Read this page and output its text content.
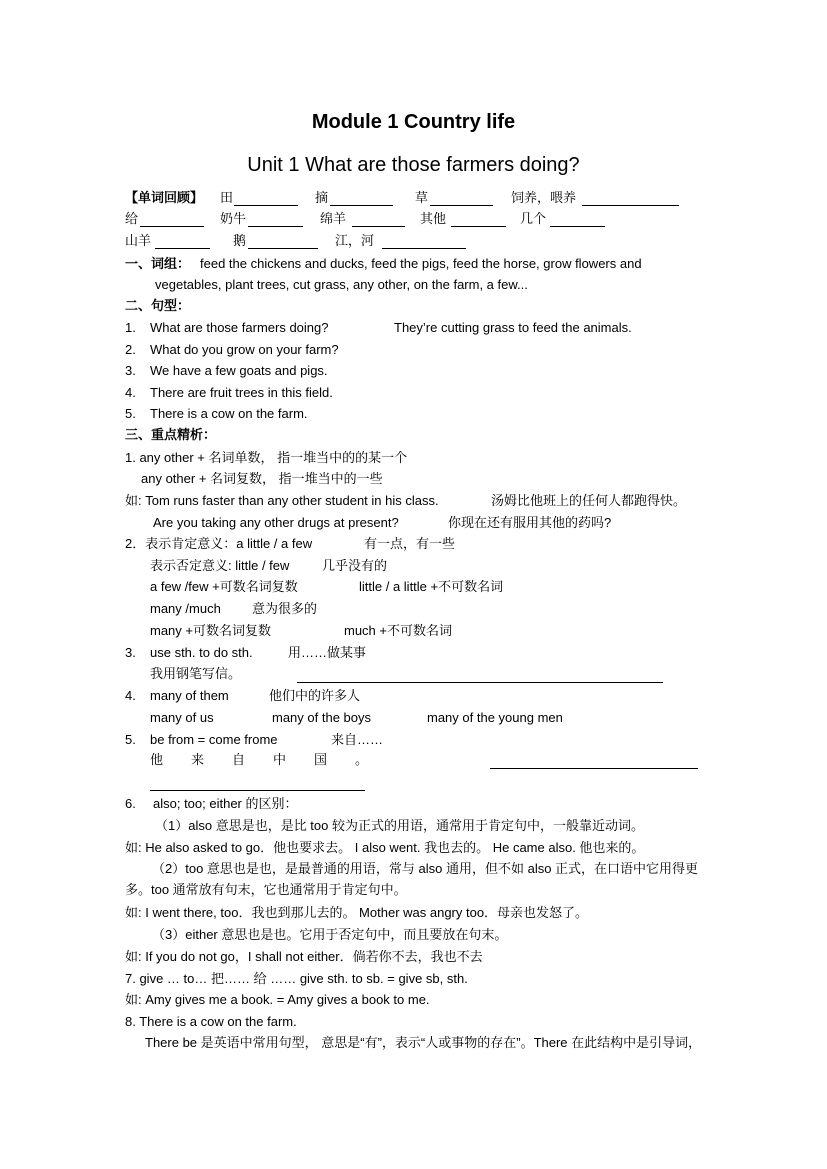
Module 1 Country life
Unit 1 What are those farmers doing?
【单词回顾】 田	摘	草	饲养，喂养
给	奶牛	绵羊	其他	几个
山羊	鹅	江，河
一、词组： feed the chickens and ducks, feed the pigs, feed the horse, grow flowers and
vegetables, plant trees, cut grass, any other, on the farm, a few...
二、句型：
1. What are those farmers doing?	They’re cutting grass to feed the animals.
2. What do you grow on your farm?
3. We have a few goats and pigs.
4. There are fruit trees in this field.
5. There is a cow on the farm.
三、重点精析：
1. any other + 名词单数， 指一堆当中的的某一个
any other + 名词复数， 指一堆当中的一些
如: Tom runs faster than any other student in his class.	汤姆比他班上的任何人都跑得快。
Are you taking any other drugs at present?	你现在还有服用其他的药吗?
2．表示肯定意义：a little / a few	有一点，有一些
表示否定意义: little / few	几乎没有的
a few /few +可数名词复数	little / a little +不可数名词
many /much 意为很多的
many +可数名词复数	much +不可数名词
3. use sth. to do sth.	用……做某事
我用钢笔写信。
4. many of them	他们中的许多人
many of us	many of the boys	many of the young men
5. be from = come frome	来自……
他 来 自 中 国 。
6. also; too; either 的区别：
（1）also 意思是也，是比 too 较为正式的用语，通常用于肯定句中，一般靠近动词。
如: He also asked to go．他也要求去。 I also went. 我也去的。 He came also. 他也来的。
（2）too 意思也是也，是最普通的用语，常与 also 通用，但不如 also 正式，在口语中它用得更
多。too 通常放有句末，它也通常用于肯定句中。
如: I went there, too．我也到那儿去的。 Mother was angry too．母亲也发怒了。
（3）either 意思也是也。它用于否定句中，而且要放在句末。
如: If you do not go，I shall not either．倘若你不去，我也不去
7. give … to… 把…… 给 …… give sth. to sb. = give sb, sth.
如: Amy gives me a book. = Amy gives a book to me.
8. There is a cow on the farm.
There be 是英语中常用句型， 意思是“有”，表示“人或事物的存在”。There 在此结构中是引导词，
